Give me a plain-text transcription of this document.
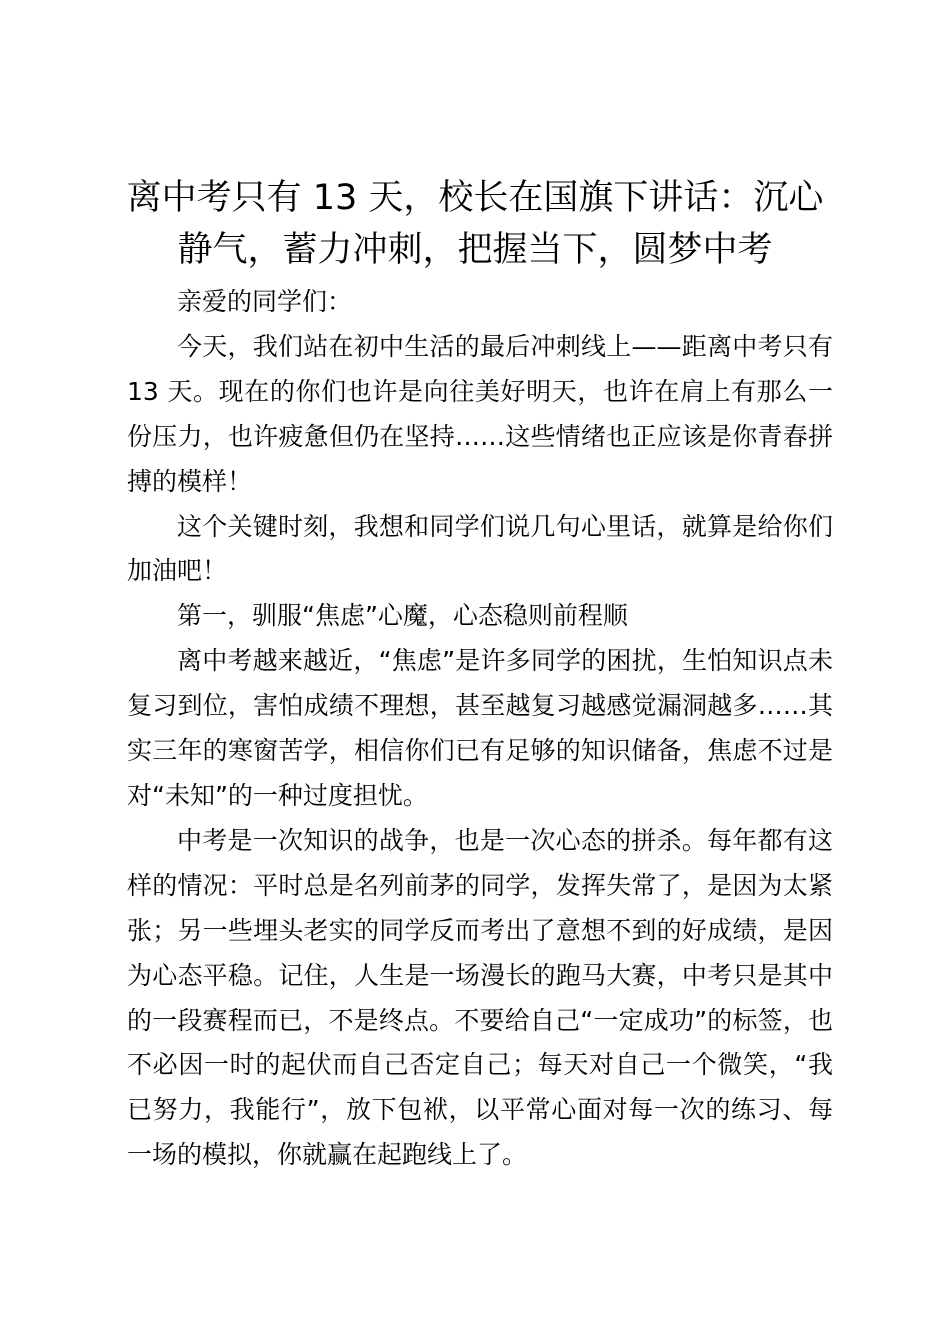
离中考只有 13 天，校长在国旗下讲话：沉心静气，蓄力冲刺，把握当下，圆梦中考

亲爱的同学们：

今天，我们站在初中生活的最后冲刺线上——距离中考只有 13 天。现在的你们也许是向往美好明天，也许在肩上有那么一份压力，也许疲惫但仍在坚持……这些情绪也正应该是你青春拼搏的模样！

这个关键时刻，我想和同学们说几句心里话，就算是给你们加油吧！

第一，驯服“焦虑”心魔，心态稳则前程顺

离中考越来越近，“焦虑”是许多同学的困扰，生怕知识点未复习到位，害怕成绩不理想，甚至越复习越感觉漏洞越多……其实三年的寒窗苦学，相信你们已有足够的知识储备，焦虑不过是对“未知”的一种过度担忧。

中考是一次知识的战争，也是一次心态的拼杀。每年都有这样的情况：平时总是名列前茅的同学，发挥失常了，是因为太紧张；另一些埋头老实的同学反而考出了意想不到的好成绩，是因为心态平稳。记住，人生是一场漫长的跑马大赛，中考只是其中的一段赛程而已，不是终点。不要给自己“一定成功”的标签，也不必因一时的起伏而自己否定自己；每天对自己一个微笑，“我已努力，我能行”，放下包袱，以平常心面对每一次的练习、每一场的模拟，你就赢在起跑线上了。
